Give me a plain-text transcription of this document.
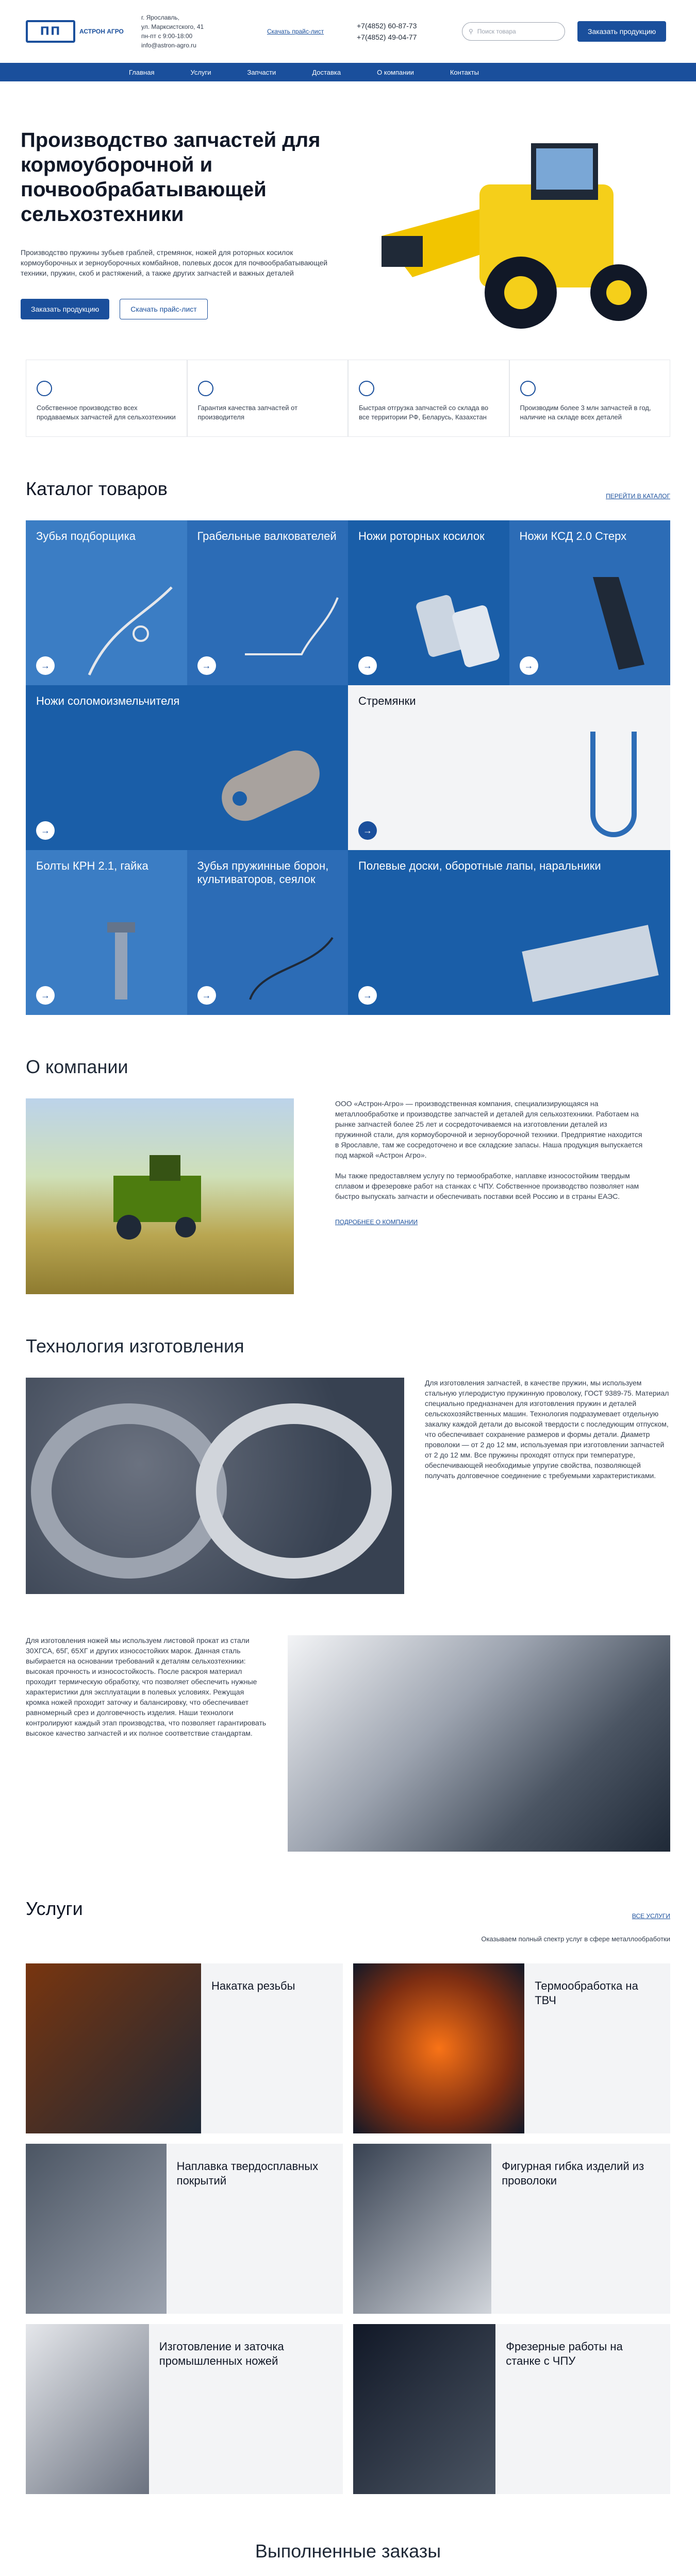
ΠΠ	АСТРОН АГРО
г. Ярославль,
ул. Марксистского, 41
пн-пт с 9:00-18:00
info@astron-agro.ru
Скачать прайс-лист
+7(4852) 60-87-73
+7(4852) 49-04-77
⚲ Поиск товара	Заказать продукцию
Главная	Услуги	Запчасти	Доставка	О компании	Контакты
Производство запчастей для кормоуборочной и почвообрабатывающей сельхозтехники

Производство пружины зубьев граблей, стремянок, ножей для роторных косилок кормоуборочных и зерноуборочных комбайнов, полевых досок для почвообрабатывающей техники, пружин, скоб и растяжений, а также других запчастей и важных деталей

Заказать продукцию	Скачать прайс-лист
Собственное производство всех продаваемых запчастей для сельхозтехники
Гарантия качества запчастей от производителя
Быстрая отгрузка запчастей со склада во все территории РФ, Беларусь, Казахстан
Производим более 3 млн запчастей в год, наличие на складе всех деталей
Каталог товаров	ПЕРЕЙТИ В КАТАЛОГ
Зубья подборщика
→
Грабельные валкователей
→
Ножи роторных косилок
→
Ножи КСД 2.0 Стерх
→
Ножи соломоизмельчителя
→
Стремянки
→
Болты КРН 2.1, гайка
→
Зубья пружинные борон, культиваторов, сеялок
→
Полевые доски, оборотные лапы, наральники
→
О компании

ООО «Астрон-Агро» — производственная компания, специализирующаяся на металлообработке и производстве запчастей и деталей для сельхозтехники. Работаем на рынке запчастей более 25 лет и сосредоточиваемся на изготовлении деталей из пружинной стали, для кормоуборочной и зерноуборочной техники. Предприятие находится в Ярославле, там же сосредоточено и все складские запасы. Наша продукция выпускается под маркой «Астрон Агро».

Мы также предоставляем услугу по термообработке, наплавке износостойким твердым сплавом и фрезеровке работ на станках с ЧПУ. Собственное производство позволяет нам быстро выпускать запчасти и обеспечивать поставки всей Россию и в страны ЕАЭС.

ПОДРОБНЕЕ О КОМПАНИИ

Технология изготовления
Для изготовления запчастей, в качестве пружин, мы используем стальную углеродистую пружинную проволоку, ГОСТ 9389-75. Материал специально предназначен для изготовления пружин и деталей сельскохозяйственных машин. Технология подразумевает отдельную закалку каждой детали до высокой твердости с последующим отпуском, что обеспечивает сохранение размеров и формы детали. Диаметр проволоки — от 2 до 12 мм, используемая при изготовлении запчастей от 2 до 12 мм. Все пружины проходят отпуск при температуре, обеспечивающей необходимые упругие свойства, позволяющей получать долговечное соединение с требуемыми характеристиками.
Для изготовления ножей мы используем листовой прокат из стали 30ХГСА, 65Г, 65ХГ и других износостойких марок. Данная сталь выбирается на основании требований к деталям сельхозтехники: высокая прочность и износостойкость. После раскроя материал проходит термическую обработку, что позволяет обеспечить нужные характеристики для эксплуатации в полевых условиях. Режущая кромка ножей проходит заточку и балансировку, что обеспечивает равномерный срез и долговечность изделия. Наши технологи контролируют каждый этап производства, что позволяет гарантировать высокое качество запчастей и их полное соответствие стандартам.
Услуги	ВСЕ УСЛУГИ
Оказываем полный спектр услуг в сфере металлообработки
Накатка резьбы	Термообработка на ТВЧ
Наплавка твердосплавных покрытий
Фигурная гибка изделий из проволоки
Изготовление и заточка промышленных ножей
Фрезерные работы на станке с ЧПУ
Выполненные заказы
